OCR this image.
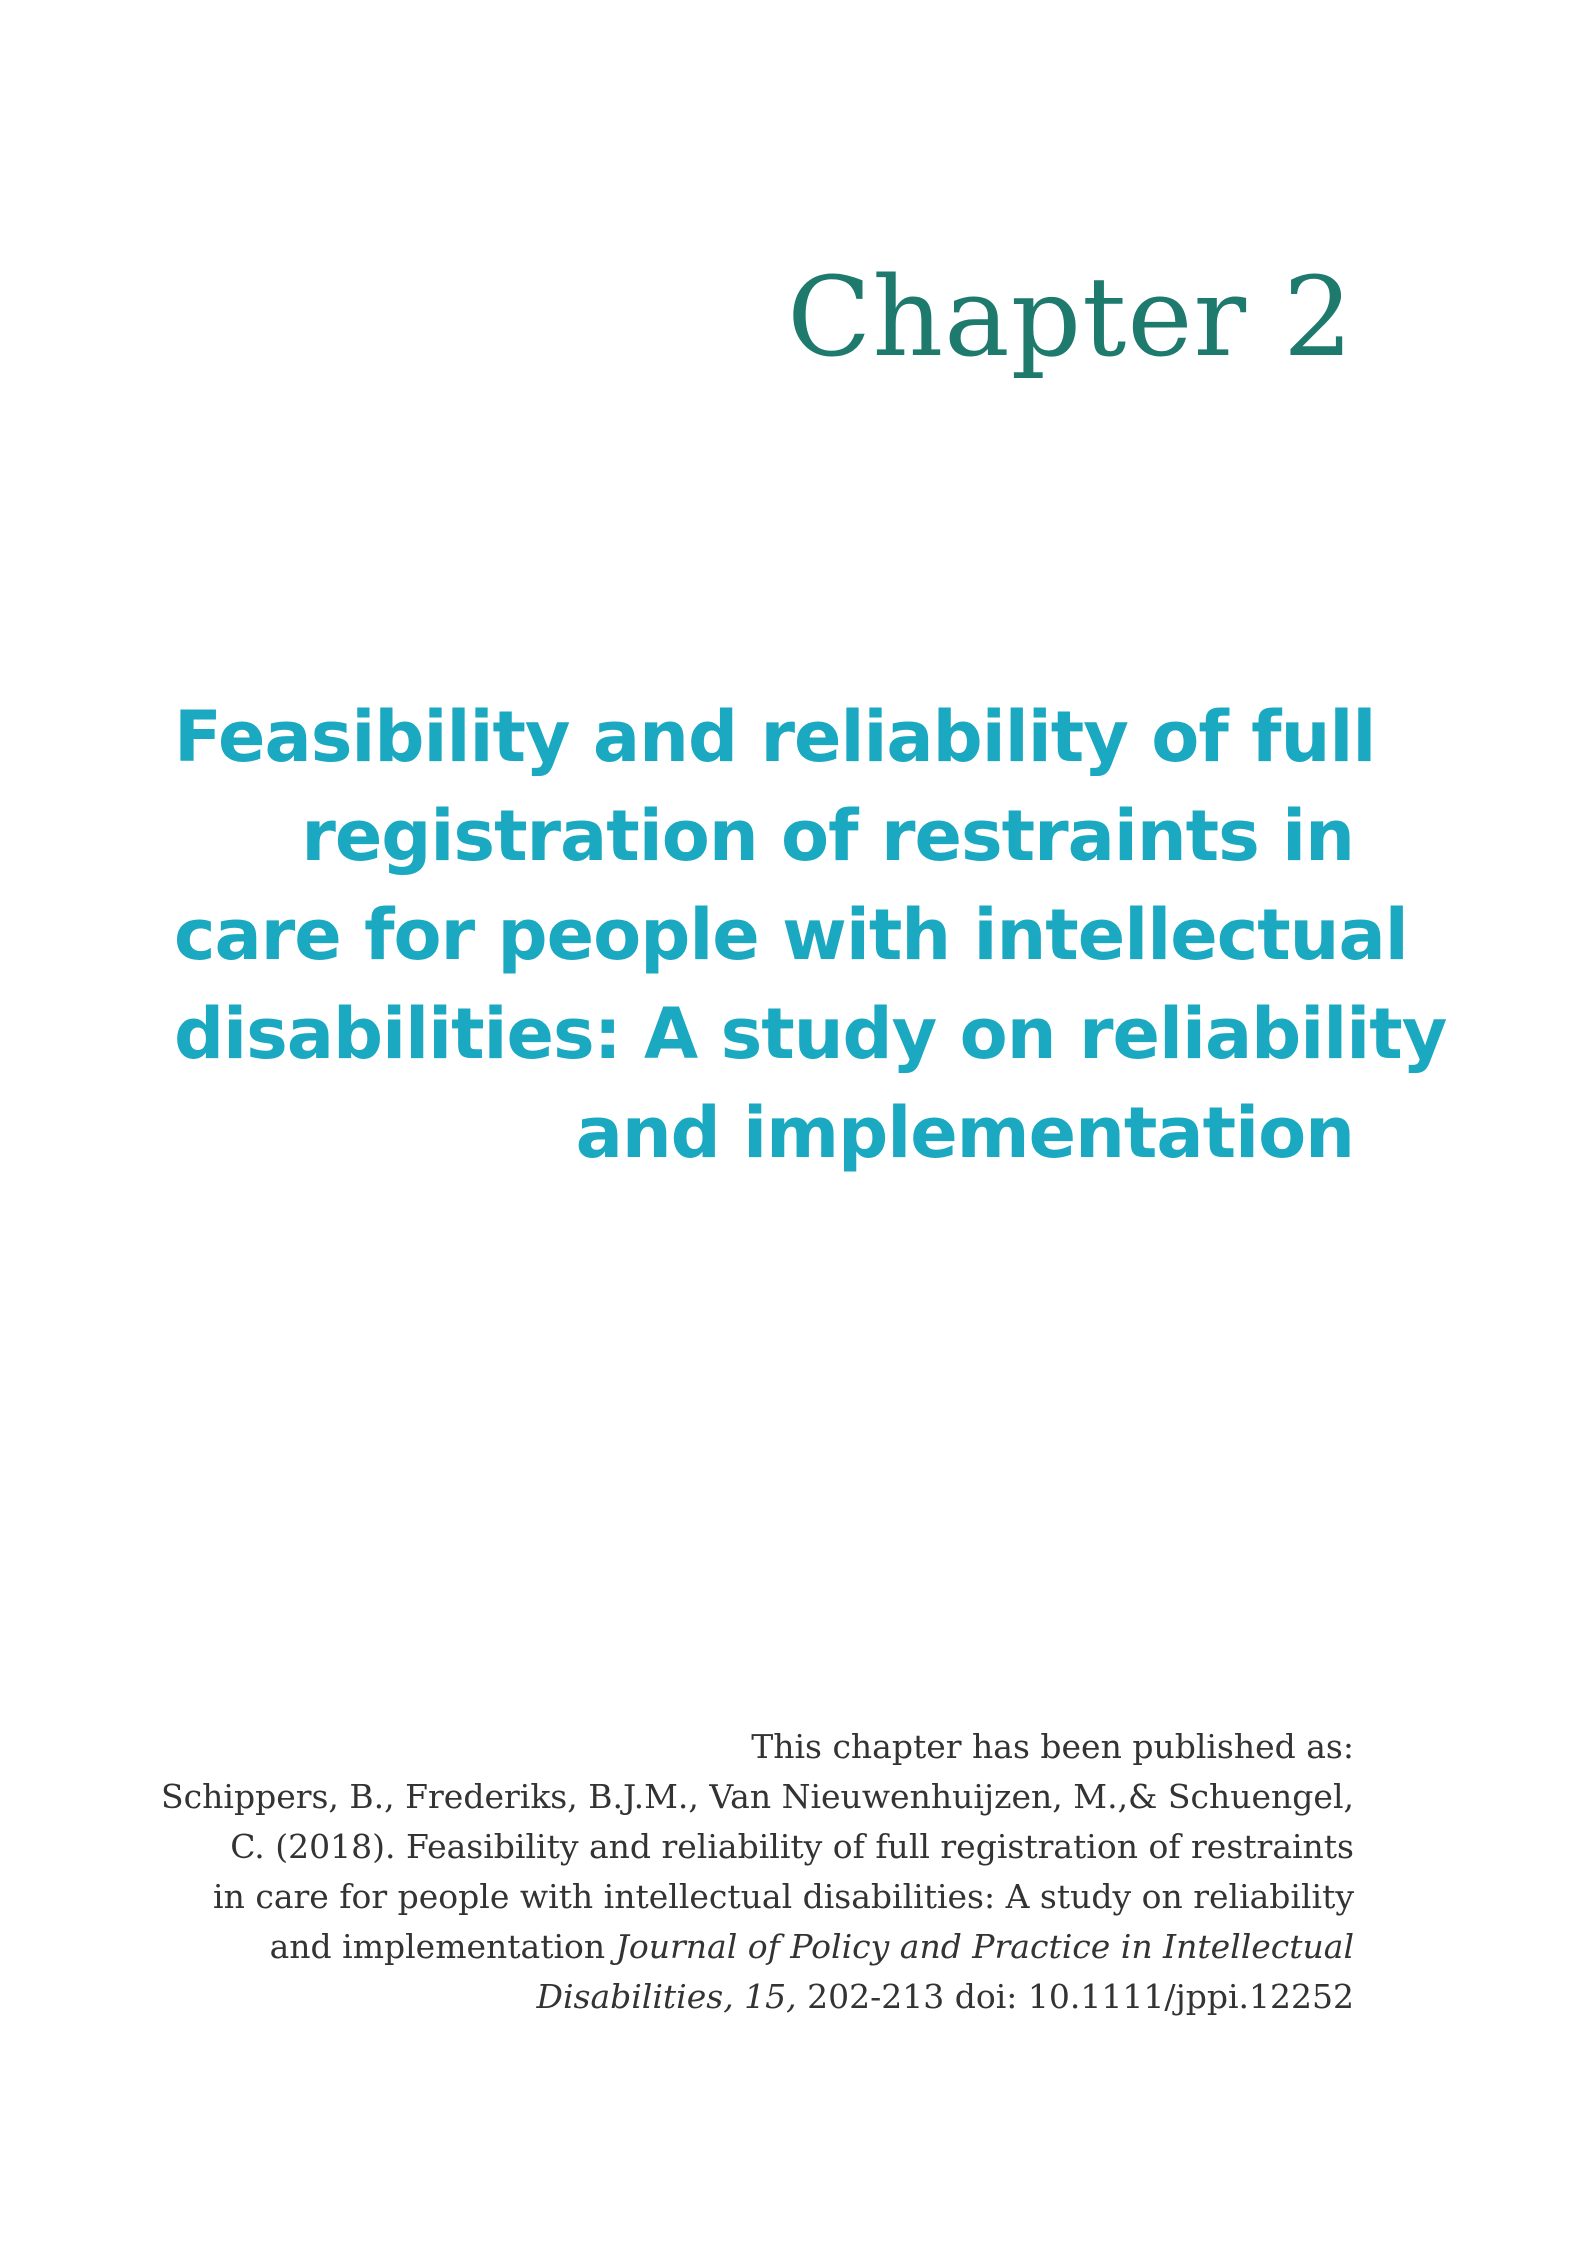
Chapter 2
Feasibility and reliability of full
registration of restraints in
care for people with intellectual
disabilities: A study on reliability
and implementation
This chapter has been published as:
Schippers, B., Frederiks, B.J.M., Van Nieuwenhuijzen, M.,& Schuengel,
C. (2018). Feasibility and reliability of full registration of restraints
in care for people with intellectual disabilities: A study on reliability
and implementation Journal of Policy and Practice in Intellectual
Disabilities, 15, 202-213 doi: 10.1111/jppi.12252
